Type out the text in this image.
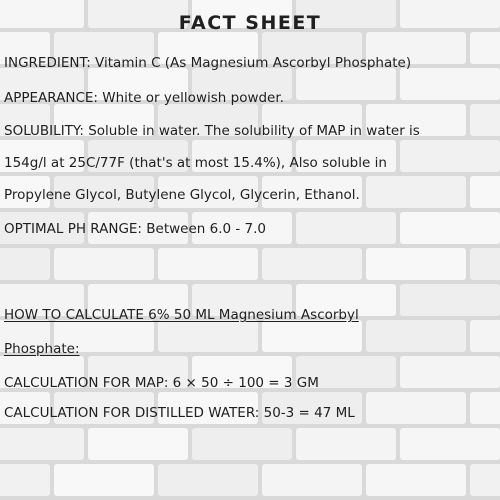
FACT SHEET
INGREDIENT: Vitamin C (As Magnesium Ascorbyl Phosphate)
APPEARANCE: White or yellowish powder.
SOLUBILITY: Soluble in water. The solubility of MAP in water is
154g/l at 25C/77F (that's at most 15.4%), Also soluble in
Propylene Glycol, Butylene Glycol, Glycerin, Ethanol.
OPTIMAL PH RANGE: Between 6.0 - 7.0
HOW TO CALCULATE 6% 50 ML Magnesium Ascorbyl
Phosphate:
CALCULATION FOR MAP: 6 × 50 ÷ 100 = 3 GM
CALCULATION FOR DISTILLED WATER: 50-3 = 47 ML
